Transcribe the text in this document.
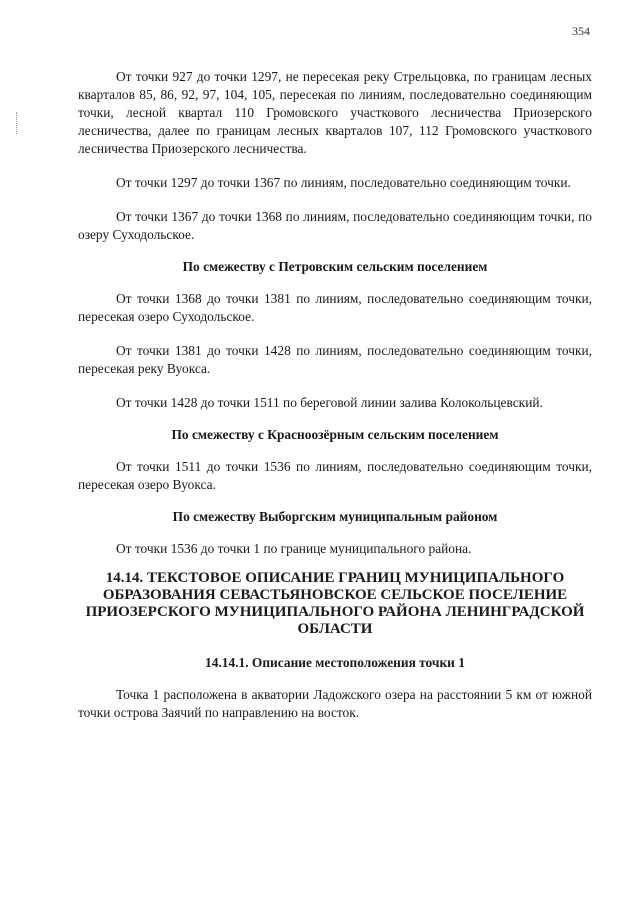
354

От точки 927 до точки 1297, не пересекая реку Стрельцовка, по границам лесных кварталов 85, 86, 92, 97, 104, 105, пересекая по линиям, последовательно соединяющим точки, лесной квартал 110 Громовского участкового лесничества Приозерского лесничества, далее по границам лесных кварталов 107, 112 Громовского участкового лесничества Приозерского лесничества.

От точки 1297 до точки 1367 по линиям, последовательно соединяющим точки.

От точки 1367 до точки 1368 по линиям, последовательно соединяющим точки, по озеру Суходольское.

По смежеству с Петровским сельским поселением

От точки 1368 до точки 1381 по линиям, последовательно соединяющим точки, пересекая озеро Суходольское.

От точки 1381 до точки 1428 по линиям, последовательно соединяющим точки, пересекая реку Вуокса.

От точки 1428 до точки 1511 по береговой линии залива Колокольцевский.

По смежеству с Красноозёрным сельским поселением

От точки 1511 до точки 1536 по линиям, последовательно соединяющим точки, пересекая озеро Вуокса.

По смежеству Выборгским муниципальным районом

От точки 1536 до точки 1 по границе муниципального района.

14.14. ТЕКСТОВОЕ ОПИСАНИЕ ГРАНИЦ МУНИЦИПАЛЬНОГО ОБРАЗОВАНИЯ СЕВАСТЬЯНОВСКОЕ СЕЛЬСКОЕ ПОСЕЛЕНИЕ ПРИОЗЕРСКОГО МУНИЦИПАЛЬНОГО РАЙОНА ЛЕНИНГРАДСКОЙ ОБЛАСТИ
14.14.1. Описание местоположения точки 1

Точка 1 расположена в акватории Ладожского озера на расстоянии 5 км от южной точки острова Заячий по направлению на восток.
